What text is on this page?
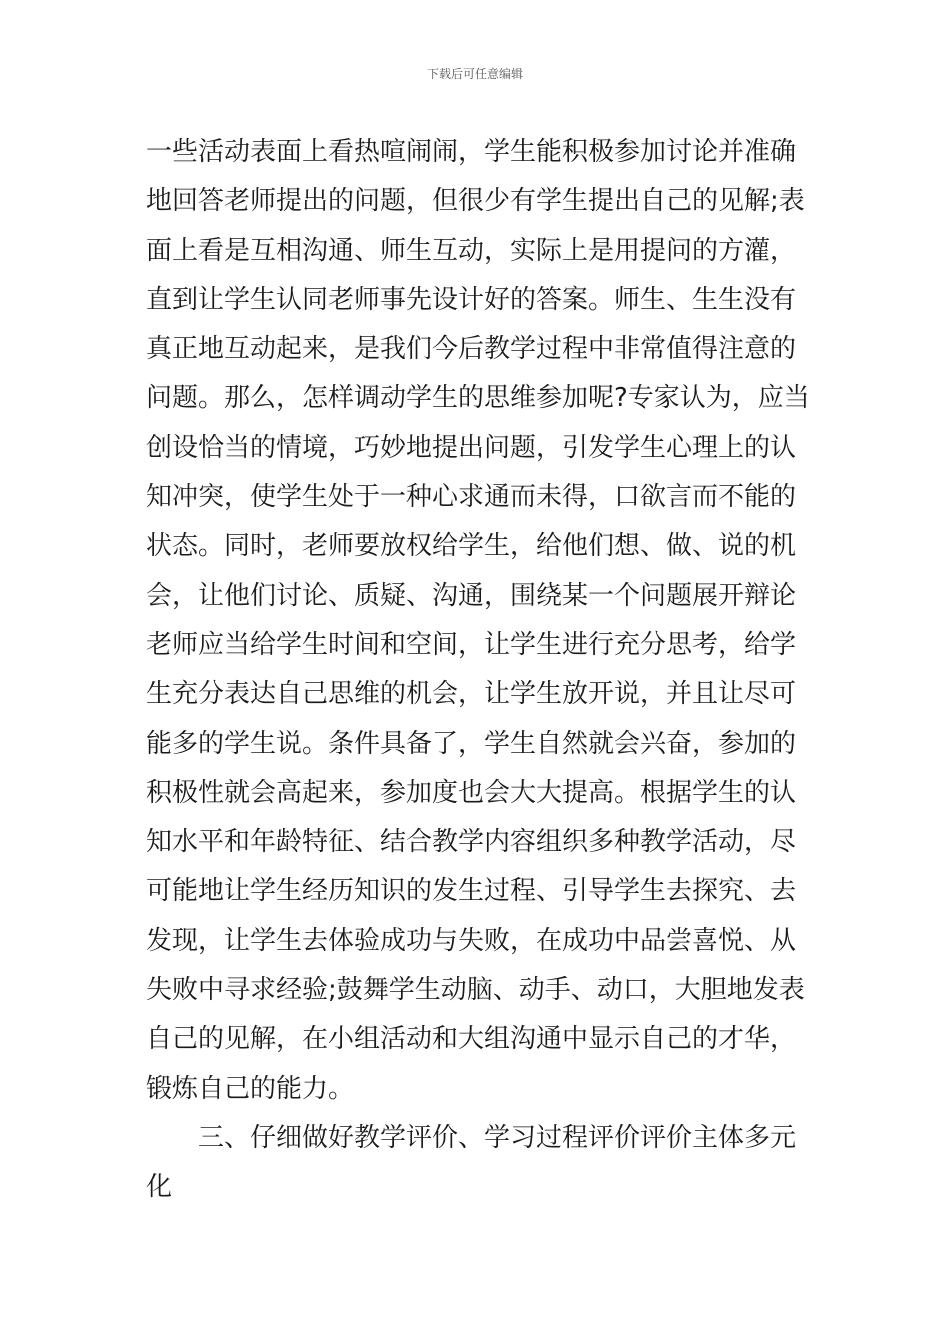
下载后可任意编辑
一些活动表面上看热喧闹闹，学生能积极参加讨论并准确
地回答老师提出的问题，但很少有学生提出自己的见解;表
面上看是互相沟通、师生互动，实际上是用提问的方灌，
直到让学生认同老师事先设计好的答案。师生、生生没有
真正地互动起来，是我们今后教学过程中非常值得注意的
问题。那么，怎样调动学生的思维参加呢?专家认为，应当
创设恰当的情境，巧妙地提出问题，引发学生心理上的认
知冲突，使学生处于一种心求通而未得，口欲言而不能的
状态。同时，老师要放权给学生，给他们想、做、说的机
会，让他们讨论、质疑、沟通，围绕某一个问题展开辩论
老师应当给学生时间和空间，让学生进行充分思考，给学
生充分表达自己思维的机会，让学生放开说，并且让尽可
能多的学生说。条件具备了，学生自然就会兴奋，参加的
积极性就会高起来，参加度也会大大提高。根据学生的认
知水平和年龄特征、结合教学内容组织多种教学活动，尽
可能地让学生经历知识的发生过程、引导学生去探究、去
发现，让学生去体验成功与失败，在成功中品尝喜悦、从
失败中寻求经验;鼓舞学生动脑、动手、动口，大胆地发表
自己的见解，在小组活动和大组沟通中显示自己的才华，
锻炼自己的能力。
三、仔细做好教学评价、学习过程评价评价主体多元
化
